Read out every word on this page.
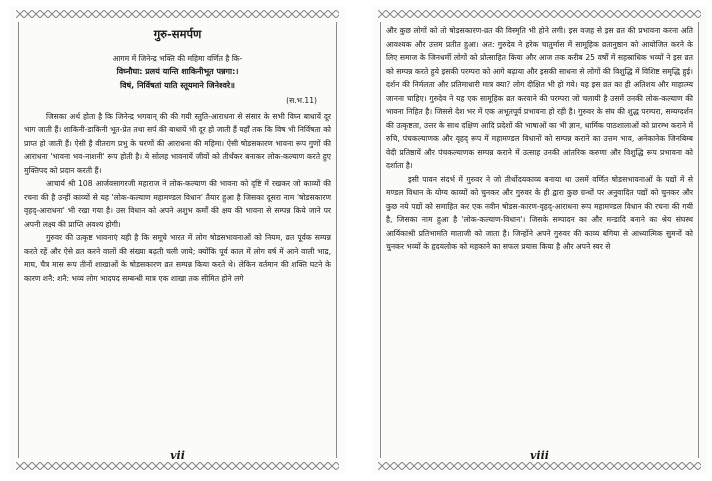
गुरु-समर्पण

आगम में जिनेन्द्र भक्ति की महिमा वर्णित है कि-

विघ्नौघा: प्रलयं यान्ति शाकिनीभूत पन्नगा:।

विषं, निर्विषतां याति स्तूयमाने जिनेश्वरे॥

(स.भ.11)

जिसका अर्थ होता है कि जिनेन्द्र भगवान् की की गयी स्तुति-आराधना से संसार के सभी विघ्न बाधायें दूर भाग जाती हैं। शाकिनी-डाकिनी भूत-प्रेत तथा सर्प की बाधायें भी दूर हो जाती हैं यहाँ तक कि विष भी निर्विषता को प्राप्त हो जाती हैं। ऐसी है वीतराग प्रभु के चरणों की आराधना की महिमा। ऐसी षोडसकारण भावना रूप गुणों की आराधना 'भावना भव-नाशनी' रूप होती है। ये सोलह भावनायें जीवों को तीर्थंकर बनाकर लोक-कल्याण करते हुए मुक्तिपद को प्रदान करती हैं।

आचार्य श्री 108 आर्जवसागरजी महाराज ने लोक-कल्याण की भावना को दृष्टि में रखकर जो काव्यों की रचना की है उन्हीं काव्यों से यह 'लोक-कल्याण महामण्डल विधान' तैयार हुआ है जिसका दूसरा नाम 'षोडसकारण वृहद्-आराधना' भी रखा गया है। उस विधान को अपने अशुभ कर्मों की क्षय की भावना से सम्पन्न किये जाने पर अपनी लक्ष्य की प्राप्ति अवश्य होगी।

गुरुवर की उत्कृष्ट भावनाएं यही है कि समूचे भारत में लोग षोडसभावनाओं को नियम, व्रत पूर्वक सम्पन्न करते रहें और ऐसे व्रत करने वालों की संख्या बढ़ती चली जाये; क्योंकि पूर्व काल में लोग वर्ष में आने वाली भाद्र, माघ, चैत्र मास रूप तीनों शाखाओं के षोडसकारण व्रत सम्पन्न किया करते थे। लेकिन वर्तमान की शक्ति घटने के कारण शनै: शनै: भव्य लोग भादपद सम्बन्धी मात्र एक शाखा तक सीमित होने लगे

vii

और कुछ लोगों को तो षोडसकारण-व्रत की विस्मृति भी होने लगी। इस वजह से इस व्रत की प्रभावना करना अति आवश्यक और उत्तम प्रतीत हुआ। अत: गुरुदेव ने हरेक चातुर्मास में सामूहिक व्रतानुष्ठान को आयोजित करने के लिए समाज के जिनधर्मी लोगों को प्रोत्साहित किया और आज तक करीब 25 वर्षों में सहस्राधिक भव्यों ने इस व्रत को सम्पन्न करते हुये इसकी परम्परा को आगे बढ़ाया और इसकी साधना से लोगों की विशुद्धि में विशिष्ट समृद्धि हुई। दर्शन की निर्मलता और प्रतिमाधारी मात्र क्या? लोग दीक्षित भी हो गये। यह इस व्रत का ही अतिशय और माहात्म्य जानना चाहिए। गुरुदेव ने यह एक सामूहिक व्रत करवाने की परम्परा जो चलायी है उसमें उनकी लोक-कल्याण की भावना निहित है। जिससे देश भर में एक अभूतपूर्व प्रभावना हो रही है। गुरुवर के संघ की शुद्ध परम्परा, सम्यग्दर्शन की उत्कृष्टता, उत्तर के साथ दक्षिण आदि प्रदेशों की भाषाओं का भी ज्ञान, धार्मिक पाठशालाओं को प्रारम्भ कराने में रुचि, पंचकल्याणक और वृहद् रूप में महामण्डल विधानों को सम्पन्न कराने का उत्तम भाव, अनेकानेक जिनबिम्ब वेदी प्रतिष्ठायें और पंचकल्याणक सम्पन्न कराने में उत्साह उनकी आंतरिक करुणा और विशुद्धि रूप प्रभावना को दर्शाता है।

इसी पावन संदर्भ में गुरुवर ने जो तीर्थोदयकाव्य बनाया था उसमें वर्णित षोडसभावनाओं के पद्यों में से मण्डल विधान के योग्य काव्यों को चुनकर और गुरुवर के ही द्वारा कुछ ग्रन्थों पर अनुवादित पद्यों को चुनकर और कुछ नये पद्यों को समाहित कर एक नवीन षोडस-कारण-वृहद्-आराधना रूप महामण्डल विधान की रचना की गयी है, जिसका नाम हुआ है 'लोक-कल्याण-विधान'। जिसके सम्पादन का और मन्डादि बनाने का श्रेय संघस्थ आर्यिकाश्री प्रतिभामति माताजी को जाता है। जिन्होंने अपने गुरुवर की काव्य बगिया से आध्यात्मिक सुमनों को चुनकर भव्यों के हृदयलोक को महकाने का सफल प्रयास किया है और अपने स्वर से

viii
